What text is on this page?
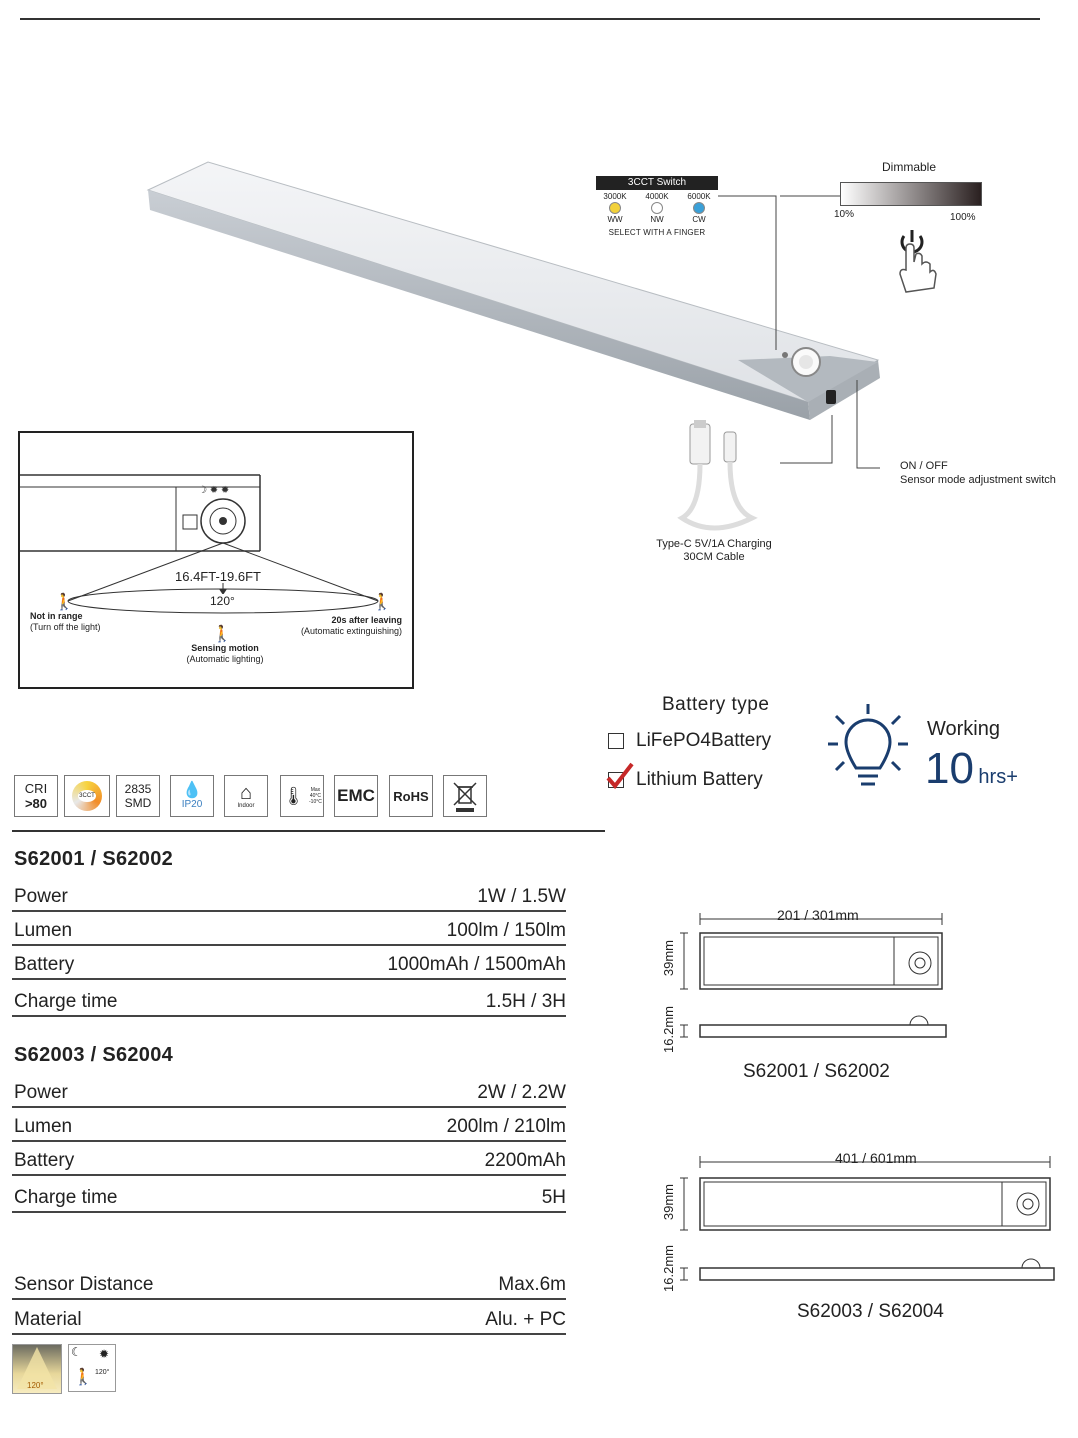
3CCT Switch
3000K
WW
4000K
NW
6000K
CW
SELECT WITH A FINGER
Dimmable
10%	100%
ON / OFF
Sensor mode adjustment switch
Type-C 5V/1A Charging
30CM Cable
☽ ✹ ✹
🚶	🚶
🚶
16.4FT-19.6FT
120°
Not in range
(Turn off the light)
20s after leaving
(Automatic extinguishing)
Sensing motion
(Automatic lighting)
Battery type
LiFePO4Battery
Lithium Battery
Working
10 hrs+
CRI
>80	3CCT 2835
SMD
💧
IP20 ⌂
Indoor
🌡	Max
40°C
-10°C EMC	RoHS
S62001 / S62002
Power	1W / 1.5W
Lumen	100lm / 150lm
Battery	1000mAh / 1500mAh
Charge time	1.5H / 3H
S62003 / S62004
Power	2W / 2.2W
Lumen	200lm / 210lm
Battery	2200mAh
Charge time	5H
Sensor Distance	Max.6m
Material	Alu. + PC
120°
☾ ✹
🚶 120°
201 / 301mm
39mm
16.2mm
S62001 / S62002
401 / 601mm
39mm
16.2mm
S62003 / S62004
